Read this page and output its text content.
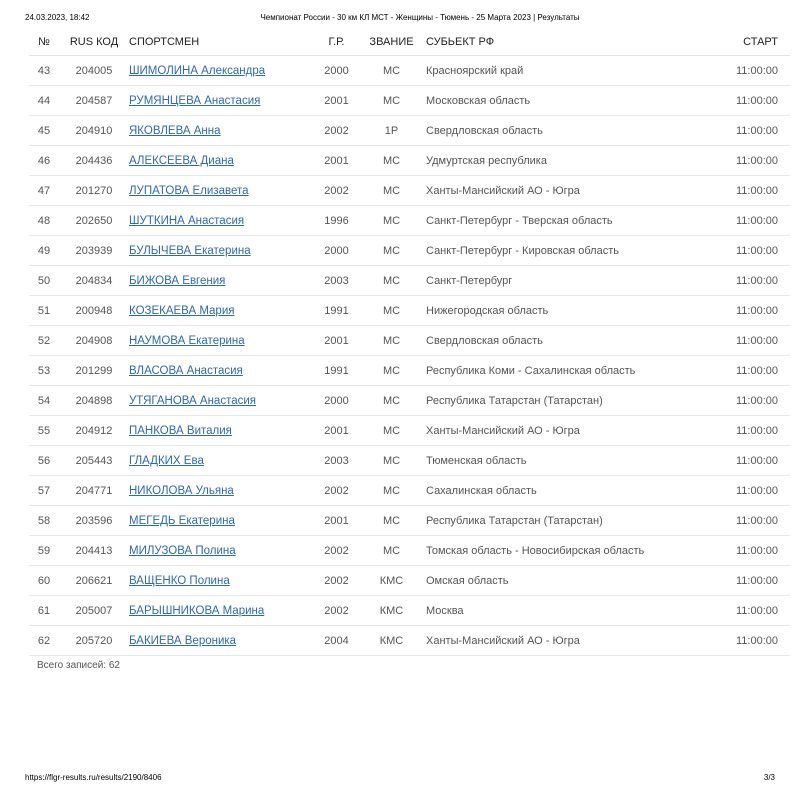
24.03.2023, 18:42	Чемпионат России - 30 км КЛ МСТ - Женщины - Тюмень - 25 Марта 2023 | Результаты
№	RUS КОД	СПОРТСМЕН	Г.Р.	ЗВАНИЕ	СУБЬЕКТ РФ	СТАРТ
43	204005	ШИМОЛИНА Александра	2000	МС	Красноярский край	11:00:00
44	204587	РУМЯНЦЕВА Анастасия	2001	МС	Московская область	11:00:00
45	204910	ЯКОВЛЕВА Анна	2002	1Р	Свердловская область	11:00:00
46	204436	АЛЕКСЕЕВА Диана	2001	МС	Удмуртская республика	11:00:00
47	201270	ЛУПАТОВА Елизавета	2002	МС	Ханты-Мансийский АО - Югра	11:00:00
48	202650	ШУТКИНА Анастасия	1996	МС	Санкт-Петербург - Тверская область	11:00:00
49	203939	БУЛЫЧЕВА Екатерина	2000	МС	Санкт-Петербург - Кировская область	11:00:00
50	204834	БИЖОВА Евгения	2003	МС	Санкт-Петербург	11:00:00
51	200948	КОЗЕКАЕВА Мария	1991	МС	Нижегородская область	11:00:00
52	204908	НАУМОВА Екатерина	2001	МС	Свердловская область	11:00:00
53	201299	ВЛАСОВА Анастасия	1991	МС	Республика Коми - Сахалинская область	11:00:00
54	204898	УТЯГАНОВА Анастасия	2000	МС	Республика Татарстан (Татарстан)	11:00:00
55	204912	ПАНКОВА Виталия	2001	МС	Ханты-Мансийский АО - Югра	11:00:00
56	205443	ГЛАДКИХ Ева	2003	МС	Тюменская область	11:00:00
57	204771	НИКОЛОВА Ульяна	2002	МС	Сахалинская область	11:00:00
58	203596	МЕГЕДЬ Екатерина	2001	МС	Республика Татарстан (Татарстан)	11:00:00
59	204413	МИЛУЗОВА Полина	2002	МС	Томская область - Новосибирская область	11:00:00
60	206621	ВАЩЕНКО Полина	2002	КМС	Омская область	11:00:00
61	205007	БАРЫШНИКОВА Марина	2002	КМС	Москва	11:00:00
62	205720	БАКИЕВА Вероника	2004	КМС	Ханты-Мансийский АО - Югра	11:00:00
Всего записей: 62
https://flgr-results.ru/results/2190/8406	3/3
